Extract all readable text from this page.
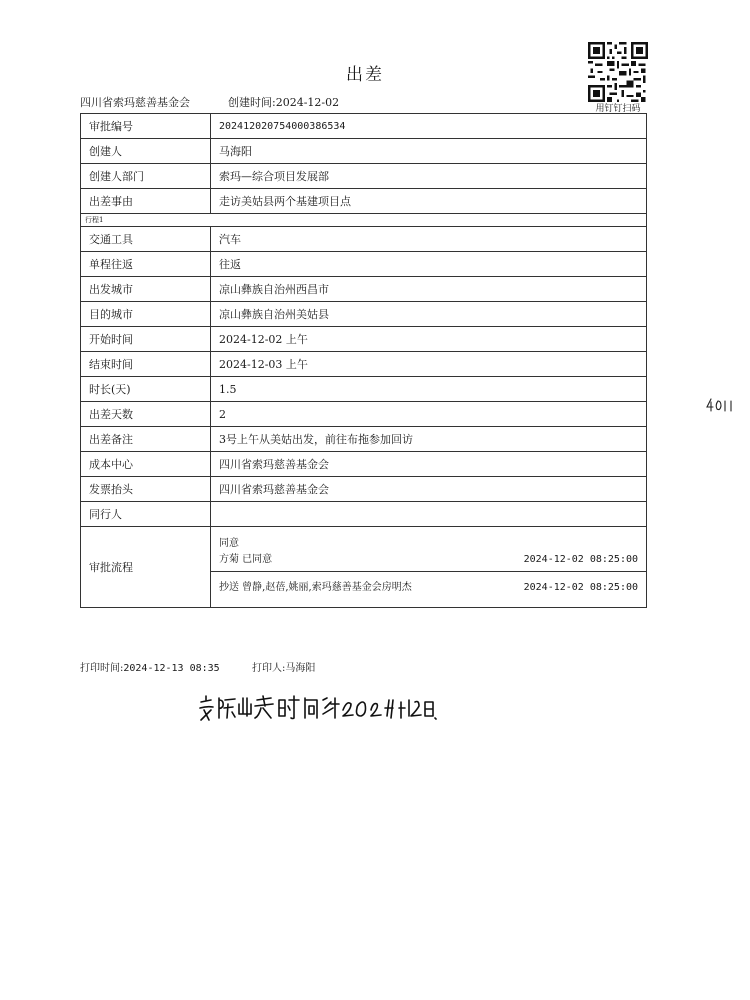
出差
四川省索玛慈善基金会	创建时间:2024-12-02	用钉钉扫码
审批编号	202412020754000386534
创建人	马海阳
创建人部门	索玛—综合项目发展部
出差事由	走访美姑县两个基建项目点
行程1	
交通工具	汽车
单程往返	往返
出发城市	凉山彝族自治州西昌市
目的城市	凉山彝族自治州美姑县
开始时间	2024-12-02 上午
结束时间	2024-12-03 上午
时长(天)	1.5
出差天数	2
出差备注	3号上午从美姑出发，前往布拖参加回访
成本中心	四川省索玛慈善基金会
发票抬头	四川省索玛慈善基金会
同行人	
审批流程	同意
方菊 已同意 2024-12-02 08:25:00
抄送 曾静,赵蓓,姚丽,索玛慈善基金会房明杰 2024-12-02 08:25:00
打印时间:2024-12-13 08:35	打印人:马海阳
